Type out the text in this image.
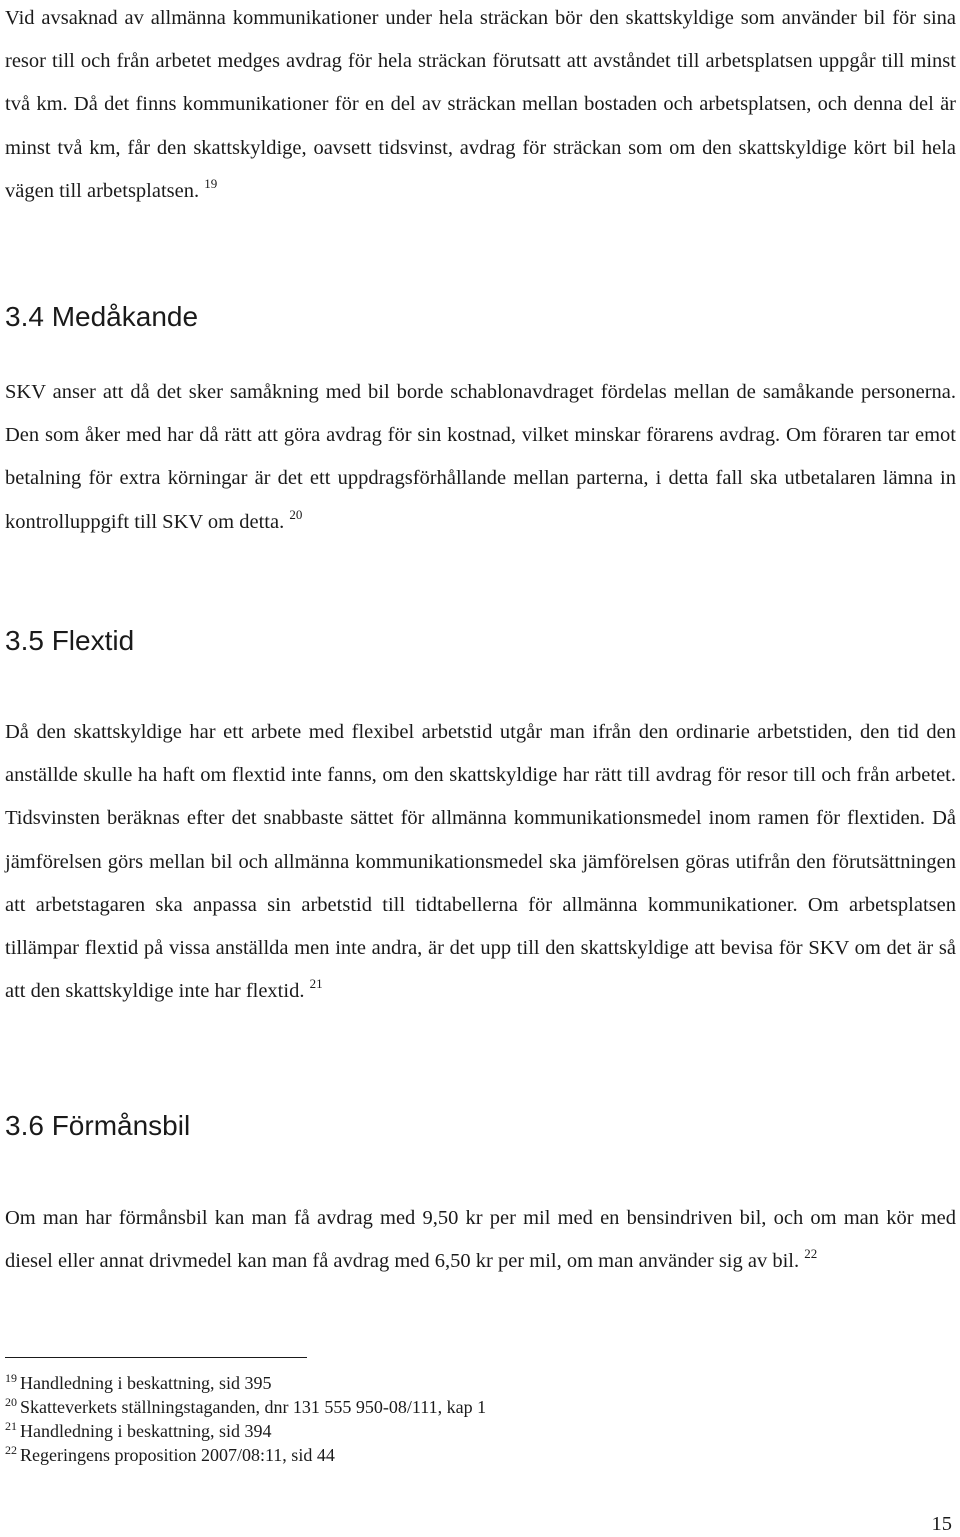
Vid avsaknad av allmänna kommunikationer under hela sträckan bör den skattskyldige som använder bil för sina resor till och från arbetet medges avdrag för hela sträckan förutsatt att avståndet till arbetsplatsen uppgår till minst två km. Då det finns kommunikationer för en del av sträckan mellan bostaden och arbetsplatsen, och denna del är minst två km, får den skattskyldige, oavsett tidsvinst, avdrag för sträckan som om den skattskyldige kört bil hela vägen till arbetsplatsen. $^{19}$

3.4 Medåkande

SKV anser att då det sker samåkning med bil borde schablonavdraget fördelas mellan de samåkande personerna. Den som åker med har då rätt att göra avdrag för sin kostnad, vilket minskar förarens avdrag. Om föraren tar emot betalning för extra körningar är det ett uppdragsförhållande mellan parterna, i detta fall ska utbetalaren lämna in kontrolluppgift till SKV om detta. $^{20}$

3.5 Flextid

Då den skattskyldige har ett arbete med flexibel arbetstid utgår man ifrån den ordinarie arbetstiden, den tid den anställde skulle ha haft om flextid inte fanns, om den skattskyldige har rätt till avdrag för resor till och från arbetet. Tidsvinsten beräknas efter det snabbaste sättet för allmänna kommunikationsmedel inom ramen för flextiden. Då jämförelsen görs mellan bil och allmänna kommunikationsmedel ska jämförelsen göras utifrån den förutsättningen att arbetstagaren ska anpassa sin arbetstid till tidtabellerna för allmänna kommunikationer. Om arbetsplatsen tillämpar flextid på vissa anställda men inte andra, är det upp till den skattskyldige att bevisa för SKV om det är så att den skattskyldige inte har flextid. $^{21}$

3.6 Förmånsbil

Om man har förmånsbil kan man få avdrag med 9,50 kr per mil med en bensindriven bil, och om man kör med diesel eller annat drivmedel kan man få avdrag med 6,50 kr per mil, om man använder sig av bil. $^{22}$

$^{19}$ Handledning i beskattning, sid 395
$^{20}$ Skatteverkets ställningstaganden, dnr 131 555 950-08/111, kap 1
$^{21}$ Handledning i beskattning, sid 394
$^{22}$ Regeringens proposition 2007/08:11, sid 44
15
